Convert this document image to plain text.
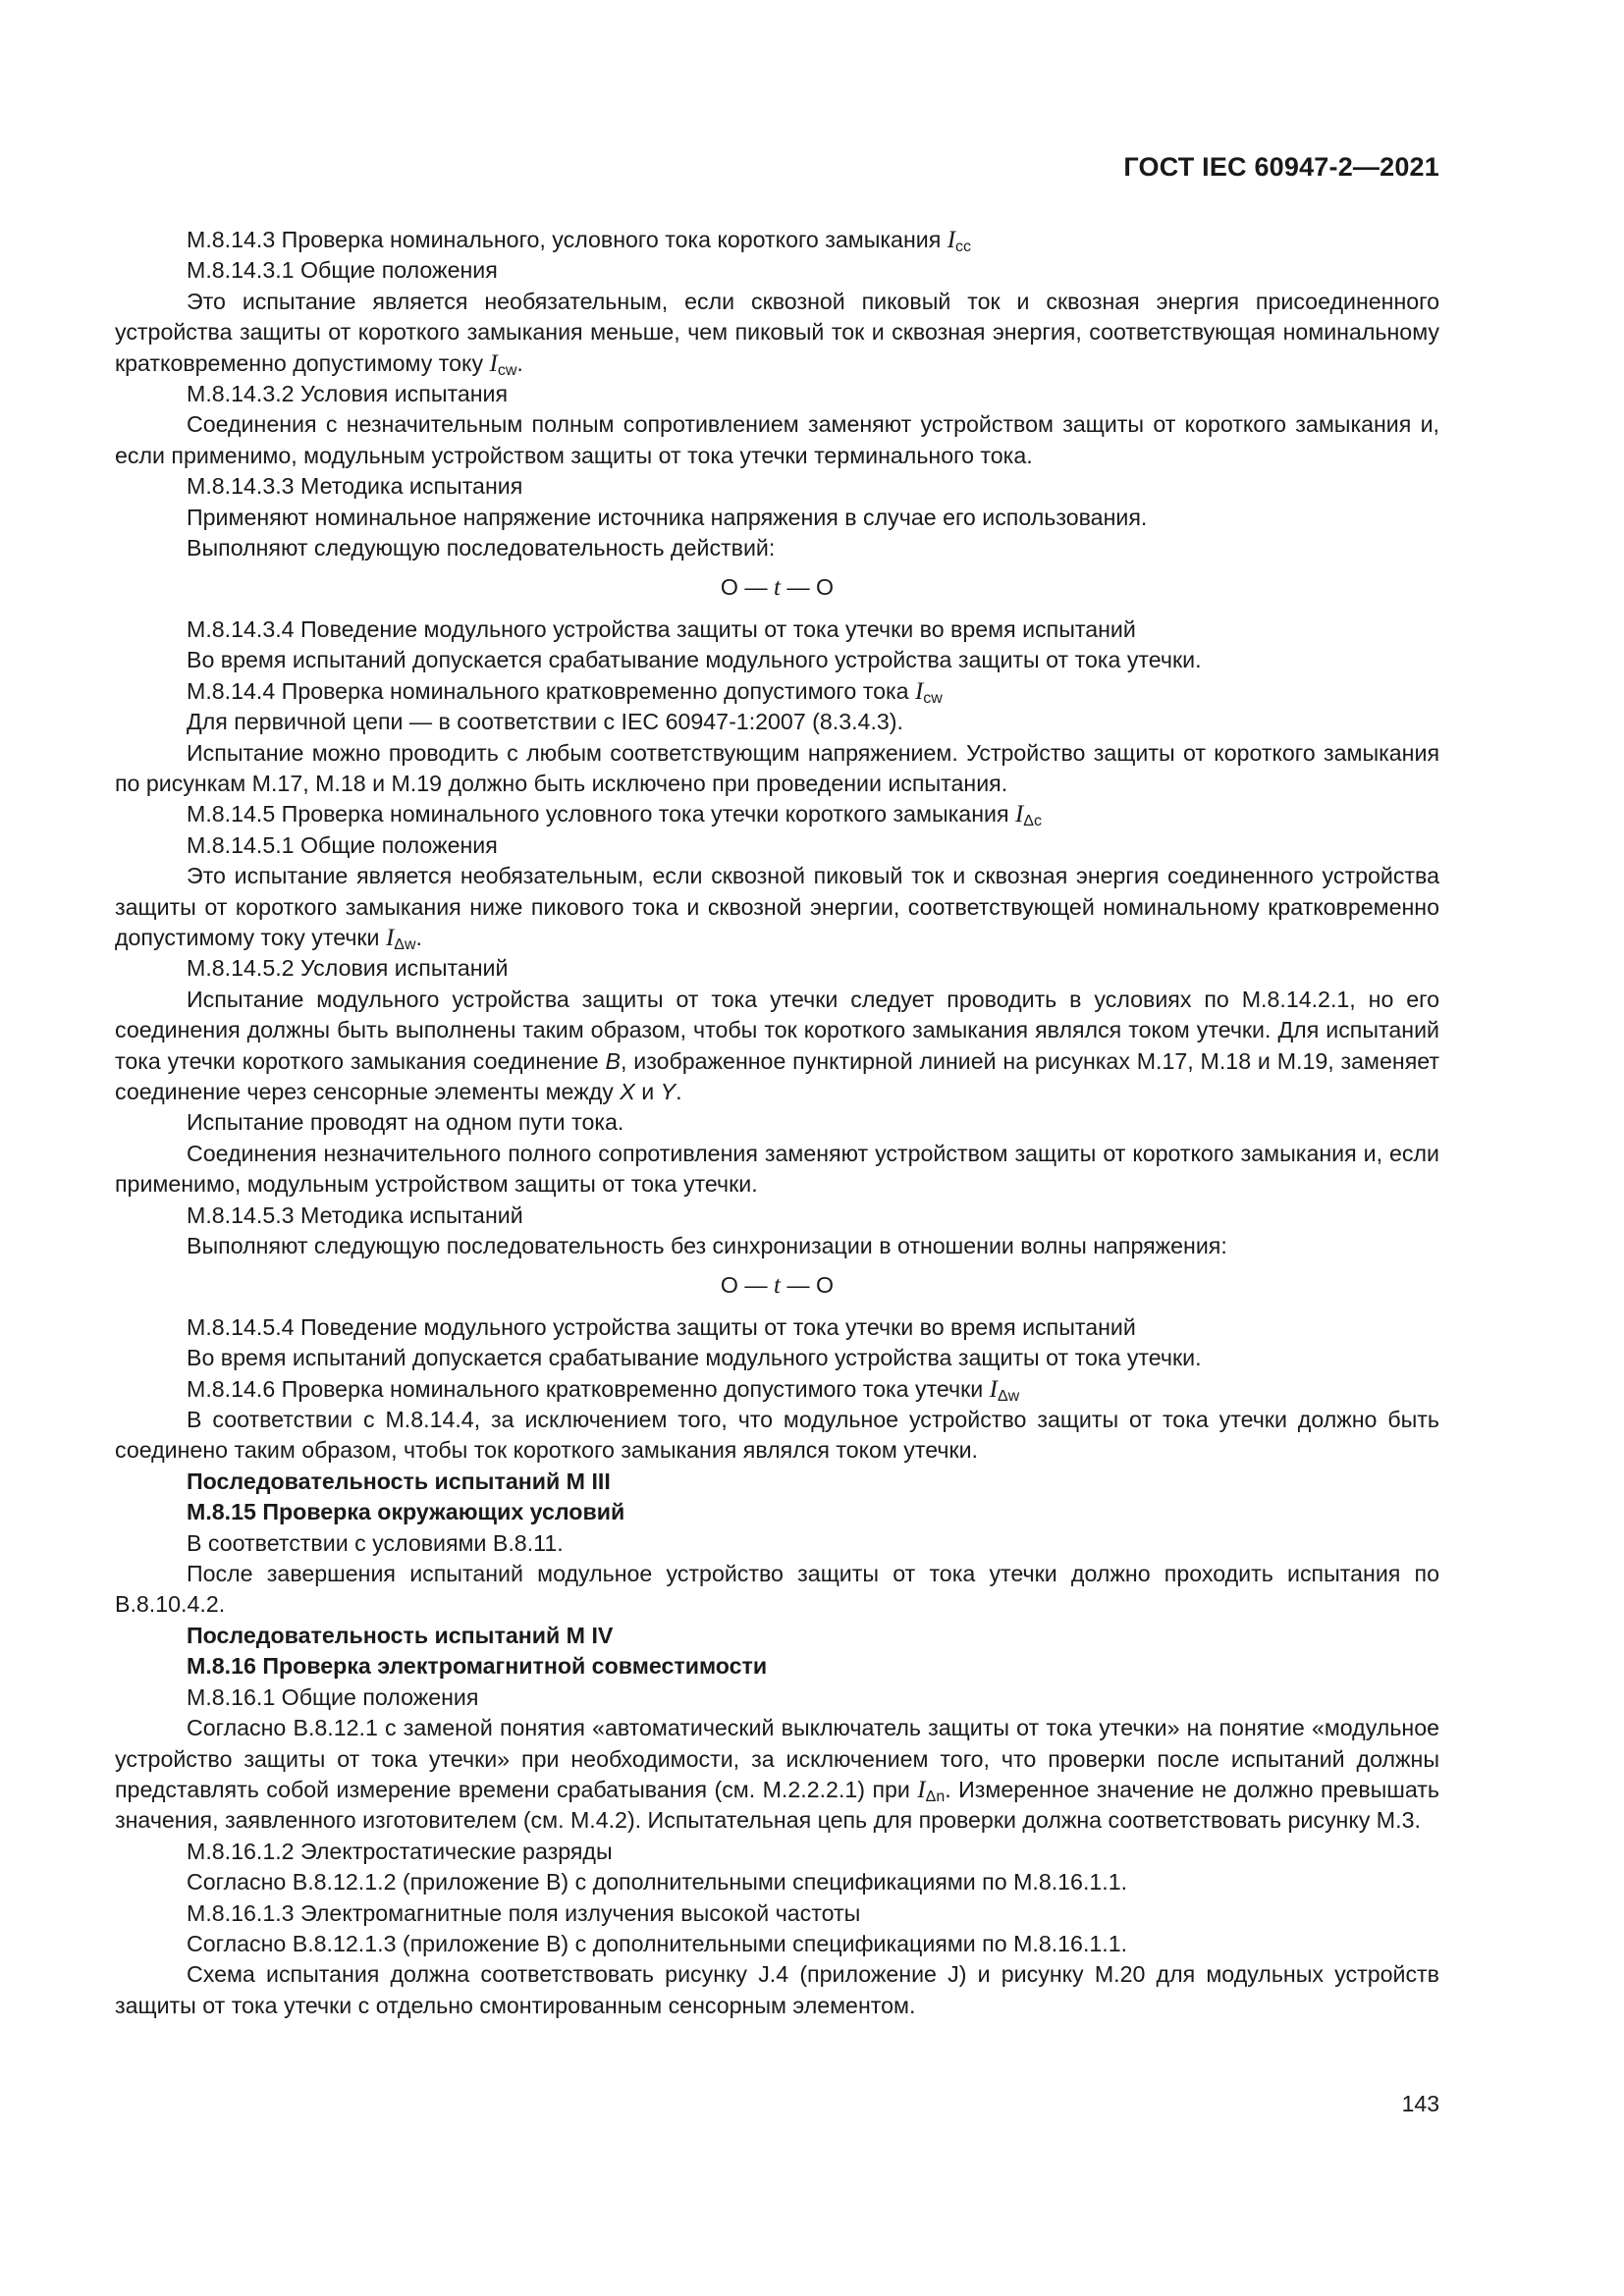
ГОСТ IEC 60947-2—2021

М.8.14.3 Проверка номинального, условного тока короткого замыкания $I_{cc}$

М.8.14.3.1 Общие положения

Это испытание является необязательным, если сквозной пиковый ток и сквозная энергия присоединенного устройства защиты от короткого замыкания меньше, чем пиковый ток и сквозная энергия, соответствующая номинальному кратковременно допустимому току $I_{cw}$.

М.8.14.3.2 Условия испытания

Соединения с незначительным полным сопротивлением заменяют устройством защиты от короткого замыкания и, если применимо, модульным устройством защиты от тока утечки терминального тока.

М.8.14.3.3 Методика испытания

Применяют номинальное напряжение источника напряжения в случае его использования.

Выполняют следующую последовательность действий:

O — t — O

М.8.14.3.4 Поведение модульного устройства защиты от тока утечки во время испытаний

Во время испытаний допускается срабатывание модульного устройства защиты от тока утечки.

М.8.14.4 Проверка номинального кратковременно допустимого тока $I_{cw}$

Для первичной цепи — в соответствии с IEC 60947-1:2007 (8.3.4.3).

Испытание можно проводить с любым соответствующим напряжением. Устройство защиты от короткого замыкания по рисункам М.17, М.18 и М.19 должно быть исключено при проведении испытания.

М.8.14.5 Проверка номинального условного тока утечки короткого замыкания $I_{\Delta c}$

М.8.14.5.1 Общие положения

Это испытание является необязательным, если сквозной пиковый ток и сквозная энергия соединенного устройства защиты от короткого замыкания ниже пикового тока и сквозной энергии, соответствующей номинальному кратковременно допустимому току утечки $I_{\Delta w}$.

М.8.14.5.2 Условия испытаний

Испытание модульного устройства защиты от тока утечки следует проводить в условиях по М.8.14.2.1, но его соединения должны быть выполнены таким образом, чтобы ток короткого замыкания являлся током утечки. Для испытаний тока утечки короткого замыкания соединение В, изображенное пунктирной линией на рисунках М.17, М.18 и М.19, заменяет соединение через сенсорные элементы между X и Y.

Испытание проводят на одном пути тока.

Соединения незначительного полного сопротивления заменяют устройством защиты от короткого замыкания и, если применимо, модульным устройством защиты от тока утечки.

М.8.14.5.3 Методика испытаний

Выполняют следующую последовательность без синхронизации в отношении волны напряжения:

O — t — O

М.8.14.5.4 Поведение модульного устройства защиты от тока утечки во время испытаний

Во время испытаний допускается срабатывание модульного устройства защиты от тока утечки.

М.8.14.6 Проверка номинального кратковременно допустимого тока утечки $I_{\Delta w}$

В соответствии с М.8.14.4, за исключением того, что модульное устройство защиты от тока утечки должно быть соединено таким образом, чтобы ток короткого замыкания являлся током утечки.

Последовательность испытаний M III

М.8.15 Проверка окружающих условий

В соответствии с условиями В.8.11.

После завершения испытаний модульное устройство защиты от тока утечки должно проходить испытания по В.8.10.4.2.

Последовательность испытаний M IV

М.8.16 Проверка электромагнитной совместимости

М.8.16.1 Общие положения

Согласно В.8.12.1 с заменой понятия «автоматический выключатель защиты от тока утечки» на понятие «модульное устройство защиты от тока утечки» при необходимости, за исключением того, что проверки после испытаний должны представлять собой измерение времени срабатывания (см. М.2.2.2.1) при $I_{\Delta n}$. Измеренное значение не должно превышать значения, заявленного изготовителем (см. М.4.2). Испытательная цепь для проверки должна соответствовать рисунку М.3.

М.8.16.1.2 Электростатические разряды

Согласно В.8.12.1.2 (приложение В) с дополнительными спецификациями по М.8.16.1.1.

М.8.16.1.3 Электромагнитные поля излучения высокой частоты

Согласно В.8.12.1.3 (приложение В) с дополнительными спецификациями по М.8.16.1.1.

Схема испытания должна соответствовать рисунку J.4 (приложение J) и рисунку М.20 для модульных устройств защиты от тока утечки с отдельно смонтированным сенсорным элементом.

143
